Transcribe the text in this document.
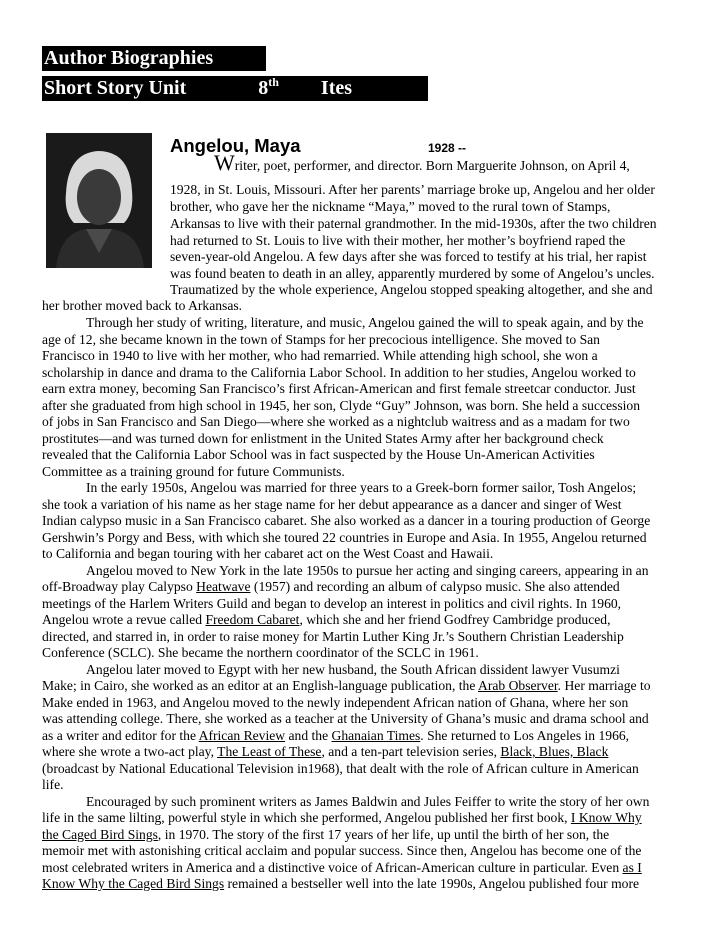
Author Biographies
Short Story Unit	8th Ites
Angelou, Maya	1928 --
Writer, poet, performer, and director. Born Marguerite Johnson, on April 4,
1928, in St. Louis, Missouri. After her parents’ marriage broke up, Angelou and her older
brother, who gave her the nickname “Maya,” moved to the rural town of Stamps,
Arkansas to live with their paternal grandmother. In the mid-1930s, after the two children
had returned to St. Louis to live with their mother, her mother’s boyfriend raped the
seven-year-old Angelou. A few days after she was forced to testify at his trial, her rapist
was found beaten to death in an alley, apparently murdered by some of Angelou’s uncles.
Traumatized by the whole experience, Angelou stopped speaking altogether, and she and
her brother moved back to Arkansas.
Through her study of writing, literature, and music, Angelou gained the will to speak again, and by the
age of 12, she became known in the town of Stamps for her precocious intelligence. She moved to San
Francisco in 1940 to live with her mother, who had remarried. While attending high school, she won a
scholarship in dance and drama to the California Labor School. In addition to her studies, Angelou worked to
earn extra money, becoming San Francisco’s first African-American and first female streetcar conductor. Just
after she graduated from high school in 1945, her son, Clyde “Guy” Johnson, was born. She held a succession
of jobs in San Francisco and San Diego—where she worked as a nightclub waitress and as a madam for two
prostitutes—and was turned down for enlistment in the United States Army after her background check
revealed that the California Labor School was in fact suspected by the House Un-American Activities
Committee as a training ground for future Communists.
In the early 1950s, Angelou was married for three years to a Greek-born former sailor, Tosh Angelos;
she took a variation of his name as her stage name for her debut appearance as a dancer and singer of West
Indian calypso music in a San Francisco cabaret. She also worked as a dancer in a touring production of George
Gershwin’s Porgy and Bess, with which she toured 22 countries in Europe and Asia. In 1955, Angelou returned
to California and began touring with her cabaret act on the West Coast and Hawaii.
Angelou moved to New York in the late 1950s to pursue her acting and singing careers, appearing in an
off-Broadway play Calypso Heatwave (1957) and recording an album of calypso music. She also attended
meetings of the Harlem Writers Guild and began to develop an interest in politics and civil rights. In 1960,
Angelou wrote a revue called Freedom Cabaret, which she and her friend Godfrey Cambridge produced,
directed, and starred in, in order to raise money for Martin Luther King Jr.’s Southern Christian Leadership
Conference (SCLC). She became the northern coordinator of the SCLC in 1961.
Angelou later moved to Egypt with her new husband, the South African dissident lawyer Vusumzi
Make; in Cairo, she worked as an editor at an English-language publication, the Arab Observer. Her marriage to
Make ended in 1963, and Angelou moved to the newly independent African nation of Ghana, where her son
was attending college. There, she worked as a teacher at the University of Ghana’s music and drama school and
as a writer and editor for the African Review and the Ghanaian Times. She returned to Los Angeles in 1966,
where she wrote a two-act play, The Least of These, and a ten-part television series, Black, Blues, Black
(broadcast by National Educational Television in1968), that dealt with the role of African culture in American
life.
Encouraged by such prominent writers as James Baldwin and Jules Feiffer to write the story of her own
life in the same lilting, powerful style in which she performed, Angelou published her first book, I Know Why
the Caged Bird Sings, in 1970. The story of the first 17 years of her life, up until the birth of her son, the
memoir met with astonishing critical acclaim and popular success. Since then, Angelou has become one of the
most celebrated writers in America and a distinctive voice of African-American culture in particular. Even as I
Know Why the Caged Bird Sings remained a bestseller well into the late 1990s, Angelou published four more
